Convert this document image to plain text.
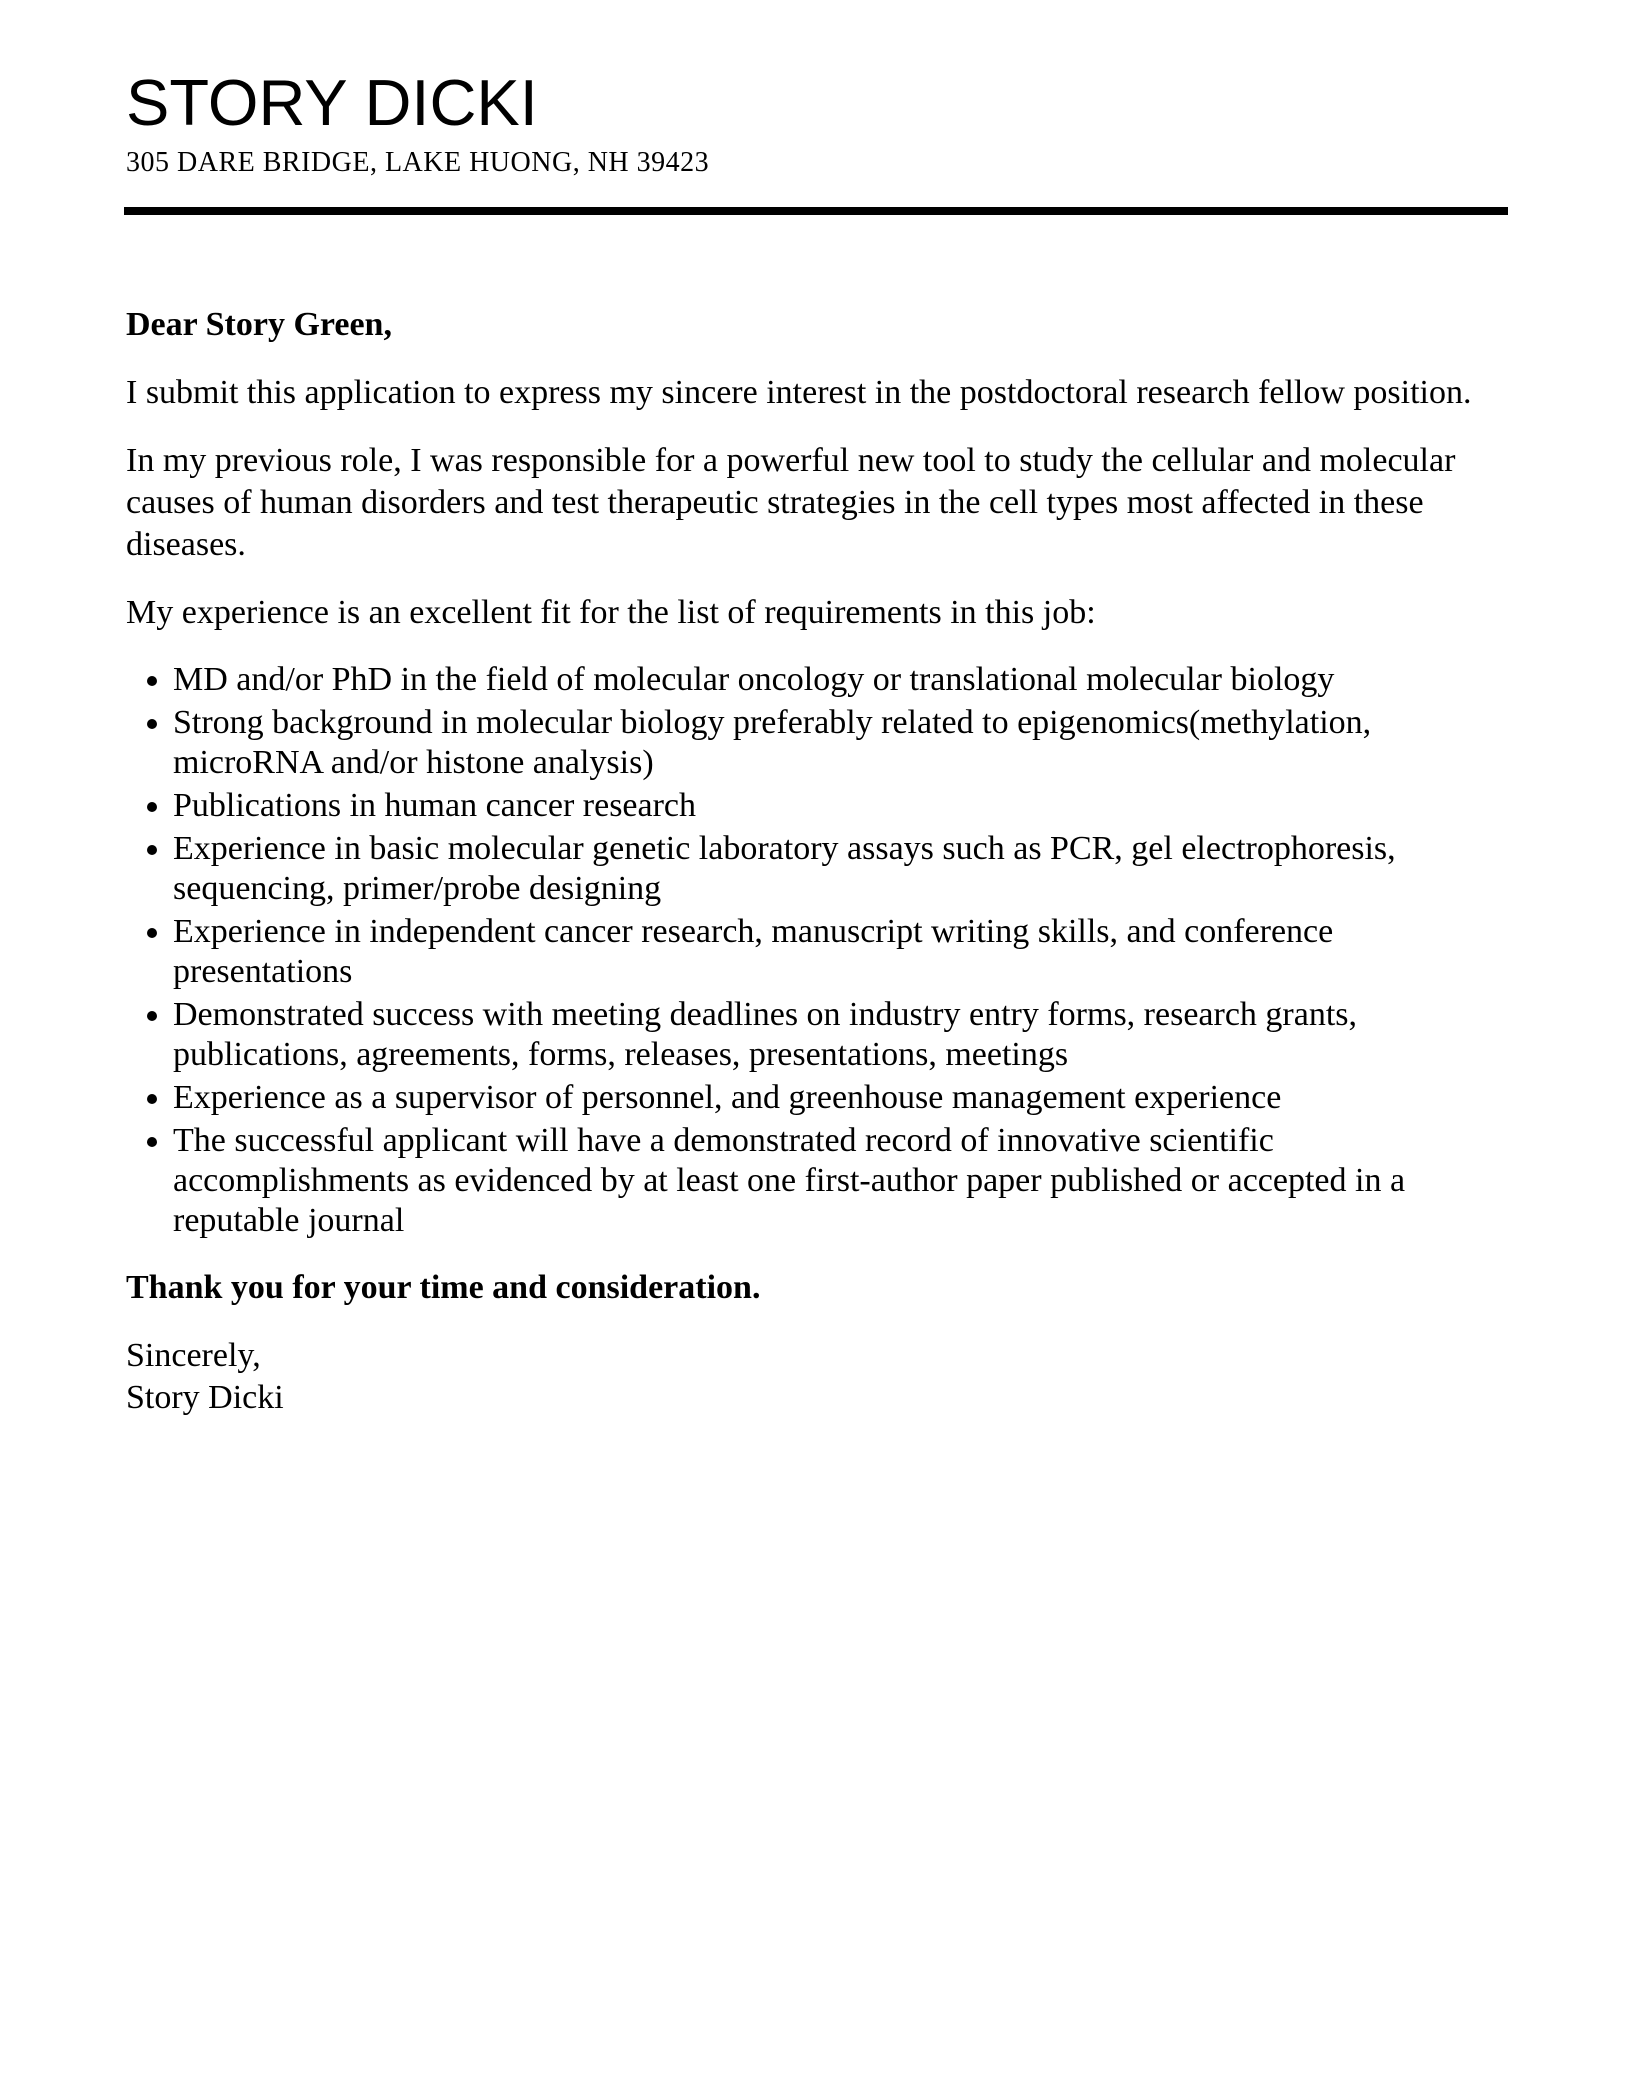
STORY DICKI
305 DARE BRIDGE, LAKE HUONG, NH 39423

Dear Story Green,

I submit this application to express my sincere interest in the postdoctoral research fellow position.

In my previous role, I was responsible for a powerful new tool to study the cellular and molecular causes of human disorders and test therapeutic strategies in the cell types most affected in these diseases.

My experience is an excellent fit for the list of requirements in this job:

• MD and/or PhD in the field of molecular oncology or translational molecular biology
• Strong background in molecular biology preferably related to epigenomics(methylation, microRNA and/or histone analysis)
• Publications in human cancer research
• Experience in basic molecular genetic laboratory assays such as PCR, gel electrophoresis, sequencing, primer/probe designing
• Experience in independent cancer research, manuscript writing skills, and conference presentations
• Demonstrated success with meeting deadlines on industry entry forms, research grants, publications, agreements, forms, releases, presentations, meetings
• Experience as a supervisor of personnel, and greenhouse management experience
• The successful applicant will have a demonstrated record of innovative scientific accomplishments as evidenced by at least one first-author paper published or accepted in a reputable journal

Thank you for your time and consideration.

Sincerely,
Story Dicki
